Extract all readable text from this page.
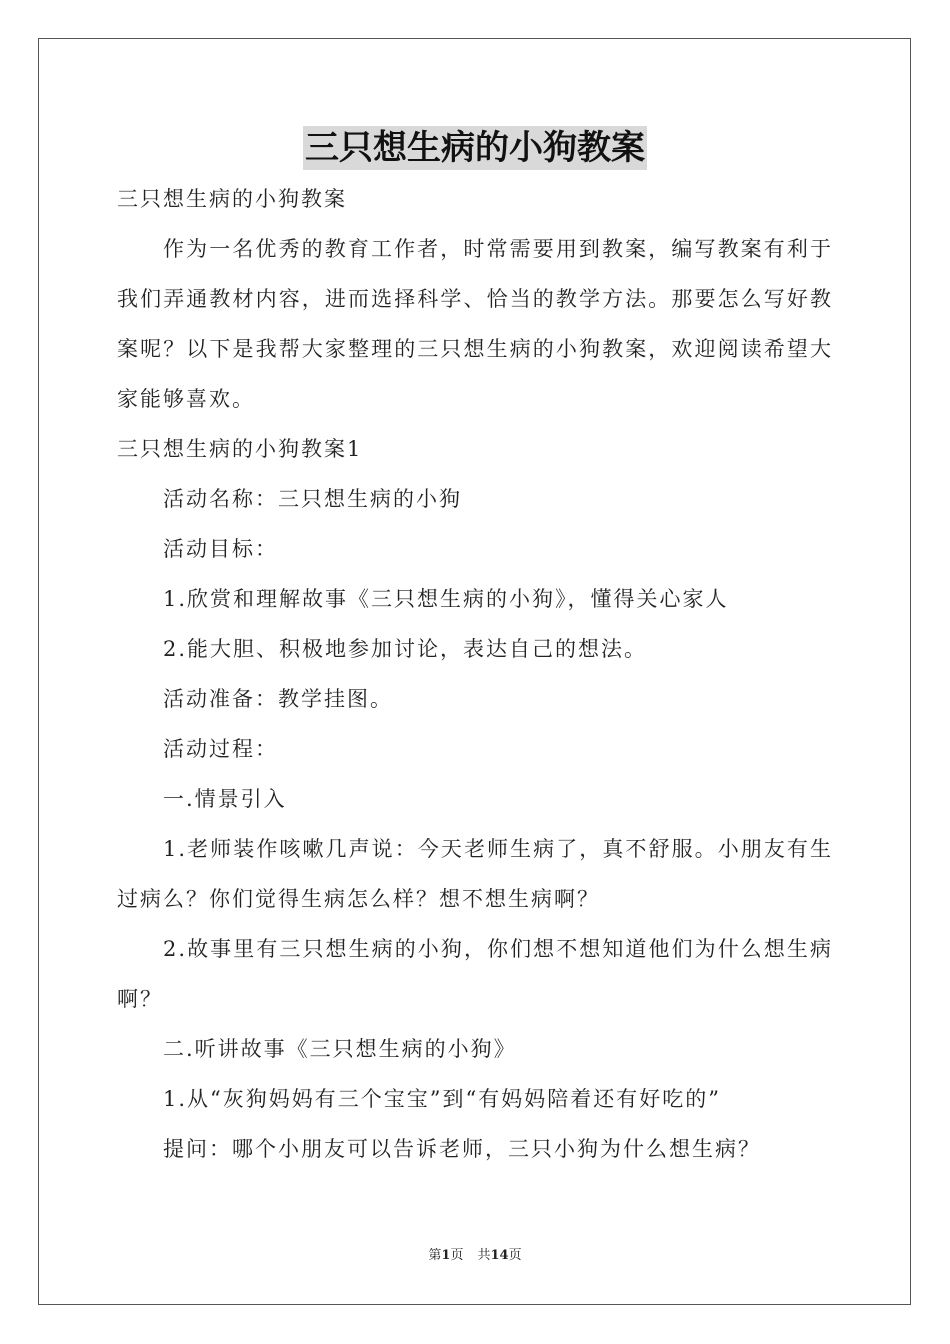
三只想生病的小狗教案

三只想生病的小狗教案

作为一名优秀的教育工作者，时常需要用到教案，编写教案有利于我们弄通教材内容，进而选择科学、恰当的教学方法。那要怎么写好教案呢？以下是我帮大家整理的三只想生病的小狗教案，欢迎阅读希望大家能够喜欢。

三只想生病的小狗教案1

活动名称：三只想生病的小狗

活动目标：

1.欣赏和理解故事《三只想生病的小狗》，懂得关心家人

2.能大胆、积极地参加讨论，表达自己的想法。

活动准备：教学挂图。

活动过程：

一.情景引入

1.老师装作咳嗽几声说：今天老师生病了，真不舒服。小朋友有生过病么？你们觉得生病怎么样？想不想生病啊？

2.故事里有三只想生病的小狗，你们想不想知道他们为什么想生病啊？

二.听讲故事《三只想生病的小狗》

1.从“灰狗妈妈有三个宝宝”到“有妈妈陪着还有好吃的”

提问：哪个小朋友可以告诉老师，三只小狗为什么想生病？

第1页 共14页
